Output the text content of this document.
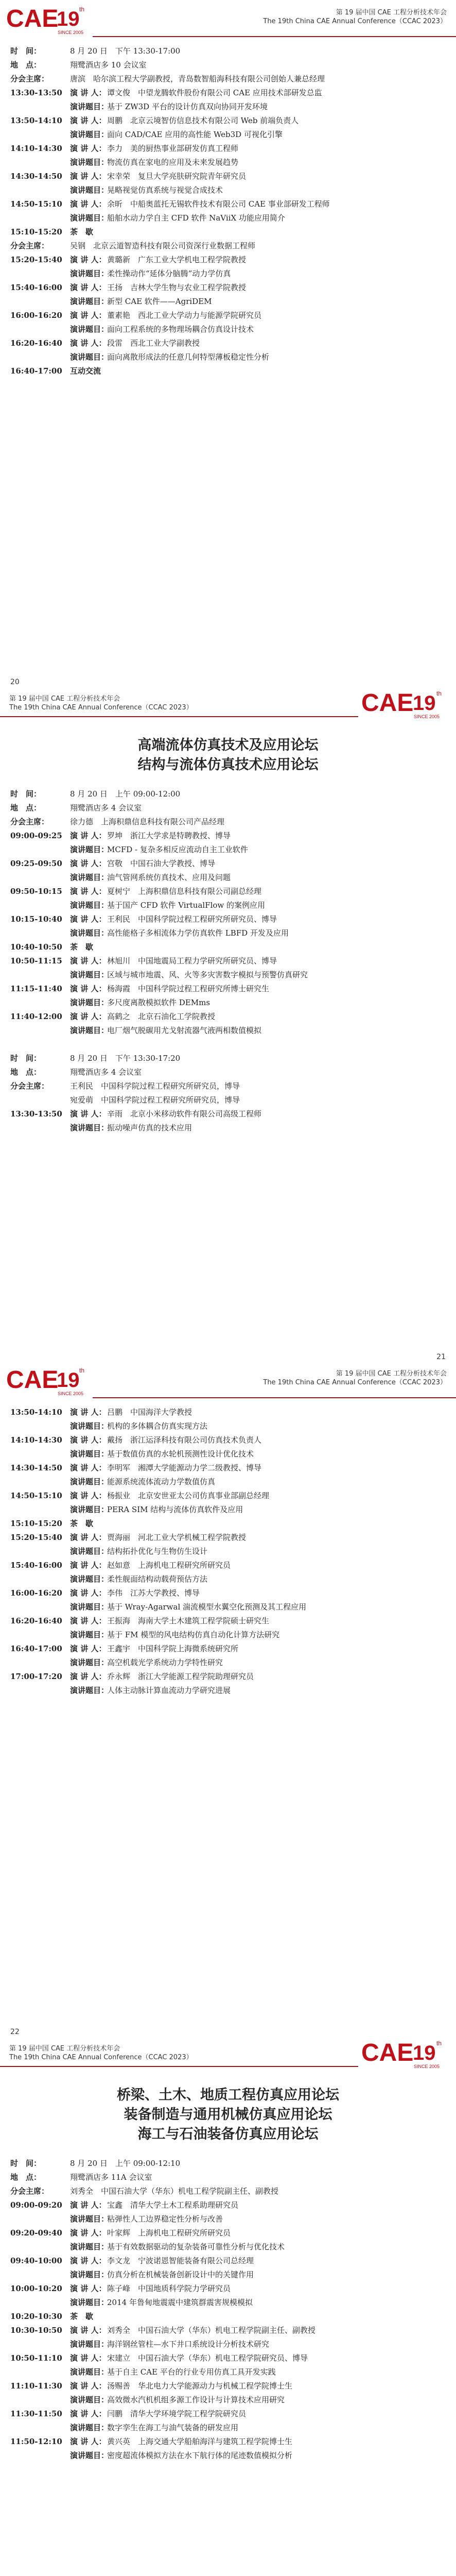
CAE
19 th
SINCE 2005
第 19 届中国 CAE 工程分析技术年会
The 19th China CAE Annual Conference（CCAC 2023）
时　间：	8 月 20 日　下午 13:30-17:00
地　点：	翔鹭酒店多 10 会议室
分会主席：	唐滨　哈尔滨工程大学副教授，青岛数智船海科技有限公司创始人兼总经理
13:30-13:50	演 讲 人： 谭文俊　中望龙腾软件股份有限公司 CAE 应用技术部研发总监
演讲题目：
基于 ZW3D 平台的设计仿真双向协同开发环境
13:50-14:10	演 讲 人： 周鹏　北京云境智仿信息技术有限公司 Web 前端负责人
演讲题目：
面向 CAD/CAE 应用的高性能 Web3D 可视化引擎
14:10-14:30	演 讲 人： 李力　美的厨热事业部研发仿真工程师
演讲题目：
物流仿真在家电的应用及未来发展趋势
14:30-14:50	演 讲 人： 宋幸荣　复旦大学亮肤研究院青年研究员
演讲题目：
晃略视觉仿真系统与视觉合成技术
14:50-15:10	演 讲 人： 余昕　中船奥蓝托无锡软件技术有限公司 CAE 事业部研发工程师
演讲题目：
船舶水动力学自主 CFD 软件 NaViiX 功能应用简介
15:10-15:20	茶　歇
分会主席：	吴钢　北京云道智造科技有限公司资深行业数据工程师
15:20-15:40	演 讲 人： 黄璐新　广东工业大学机电工程学院教授
演讲题目：
柔性操动作“延体分脑腾”动力学仿真
15:40-16:00	演 讲 人： 王扬　吉林大学生物与农业工程学院教授
演讲题目：
新型 CAE 软件——AgriDEM
16:00-16:20	演 讲 人： 董素艳　西北工业大学动力与能源学院研究员
演讲题目：
面向工程系统的多物理场耦合仿真设计技术
16:20-16:40	演 讲 人： 段雷　西北工业大学副教授
演讲题目：
面向离散形成法的任意几何特型薄板稳定性分析
16:40-17:00	互动交流
20
第 19 届中国 CAE 工程分析技术年会
The 19th China CAE Annual Conference（CCAC 2023）	CAE
19 th
SINCE 2005
高端流体仿真技术及应用论坛
结构与流体仿真技术应用论坛
时　间：	8 月 20 日　上午 09:00-12:00
地　点：	翔鹭酒店多 4 会议室
分会主席：	徐力德　上海积鼎信息科技有限公司产品经理
09:00-09:25	演 讲 人： 罗坤　浙江大学求是特聘教授、博导
演讲题目：
MCFD - 复杂多相反应流动自主工业软件
09:25-09:50	演 讲 人： 宫敬　中国石油大学教授、博导
演讲题目：
油气管网系统仿真技术、应用及问题
09:50-10:15	演 讲 人： 夏树宁　上海积鼎信息科技有限公司副总经理
演讲题目：
基于国产 CFD 软件 VirtualFlow 的案例应用
10:15-10:40	演 讲 人： 王利民　中国科学院过程工程研究所研究员、博导
演讲题目：
高性能格子多相流体力学仿真软件 LBFD 开发及应用
10:40-10:50	茶　歇
10:50-11:15	演 讲 人： 林旭川　中国地震局工程力学研究所研究员、博导
演讲题目：
区域与城市地震、风、火等多灾害数字模拟与预警仿真研究
11:15-11:40	演 讲 人： 杨海霞　中国科学院过程工程研究所博士研究生
演讲题目：
多尺度离散模拟软件 DEMms
11:40-12:00	演 讲 人： 高鹤之　北京石油化工学院教授
演讲题目：
电厂烟气脱碳用尤戈射流器气液两相数值模拟
时　间：	8 月 20 日　下午 13:30-17:20
地　点：	翔鹭酒店多 4 会议室
分会主席：	王利民　中国科学院过程工程研究所研究员，博导
宛爱萌　中国科学院过程工程研究所研究员，博导
13:30-13:50	演 讲 人： 辛雨　北京小米移动软件有限公司高级工程师
演讲题目：
振动噪声仿真的技术应用
21
CAE
19 th
SINCE 2005
第 19 届中国 CAE 工程分析技术年会
The 19th China CAE Annual Conference（CCAC 2023）
13:50-14:10	演 讲 人： 吕鹏　中国海洋大学教授
演讲题目：
机构的多体耦合仿真实现方法
14:10-14:30	演 讲 人： 戴扬　浙江运泽科技有限公司仿真技术负责人
演讲题目：
基于数值仿真的水轮机预测性设计优化技术
14:30-14:50	演 讲 人： 李明军　湘潭大学能源动力学二级教授、博导
演讲题目：
能源系统流体流动力学数值仿真
14:50-15:10	演 讲 人： 杨振业　北京安世亚太公司仿真事业部副总经理
演讲题目：
PERA SIM 结构与流体仿真软件及应用
15:10-15:20	茶　歇
15:20-15:40	演 讲 人： 贾海丽　河北工业大学机械工程学院教授
演讲题目：
结构拓扑优化与生物仿生设计
15:40-16:00	演 讲 人： 赵如意　上海机电工程研究所研究员
演讲题目：
柔性舰面结构动载荷预估方法
16:00-16:20	演 讲 人： 李伟　江苏大学教授、博导
演讲题目：
基于 Wray-Agarwal 湍流模型水翼空化预测及其工程应用
16:20-16:40	演 讲 人： 王振海　海南大学土木建筑工程学院硕士研究生
演讲题目：
基于 FM 模型的风电结构仿真自动化计算方法研究
16:40-17:00	演 讲 人： 王鑫宇　中国科学院上海微系统研究所
演讲题目：
高空机载光学系统动力学特性研究
17:00-17:20	演 讲 人： 乔永辉　浙江大学能源工程学院助理研究员
演讲题目：
人体主动脉计算血流动力学研究进展
22
第 19 届中国 CAE 工程分析技术年会
The 19th China CAE Annual Conference（CCAC 2023）	CAE
19 th
SINCE 2005
桥梁、土木、地质工程仿真应用论坛
装备制造与通用机械仿真应用论坛
海工与石油装备仿真应用论坛
时　间：	8 月 20 日　上午 09:00-12:10
地　点：	翔鹭酒店多 11A 会议室
分会主席：	刘秀全　中国石油大学（华东）机电工程学院副主任、副教授
09:00-09:20	演 讲 人： 宝鑫　清华大学土木工程系助理研究员
演讲题目：
粘弹性人工边界稳定性分析与改善
09:20-09:40	演 讲 人： 叶家辉　上海机电工程研究所研究员
演讲题目：
基于有效数据驱动的复杂装备可靠性分析与优化技术
09:40-10:00	演 讲 人： 李文龙　宁波诺恩智能装备有限公司总经理
演讲题目：
仿真分析在机械装备创新设计中的关键作用
10:00-10:20	演 讲 人： 陈子峰　中国地质科学院力学研究员
演讲题目：
2014 年鲁甸地震震中建筑群震害规模模拟
10:20-10:30	茶　歇
10:30-10:50	演 讲 人： 刘秀全　中国石油大学（华东）机电工程学院副主任、副教授
演讲题目：
海洋钢丝管柱—水下井口系统设计分析技术研究
10:50-11:10	演 讲 人： 宋建立　中国石油大学（华东）机电工程学院研究员、博导
演讲题目：
基于自主 CAE 平台的行业专用仿真工具开发实践
11:10-11:30	演 讲 人： 汤赐善　华北电力大学能源动力与机械工程学院博士生
演讲题目：
高效微水汽机机组多源工作设计与计算技术应用研究
11:30-11:50	演 讲 人： 闫鹏　清华大学环境学院工程学院研究员
演讲题目：
数字孪生在海工与油气装备的研发应用
11:50-12:10	演 讲 人： 黄兴英　上海交通大学船舶海洋与建筑工程学院博士生
演讲题目：
密度超流体模拟方法在水下航行体的尾迹数值模拟分析
